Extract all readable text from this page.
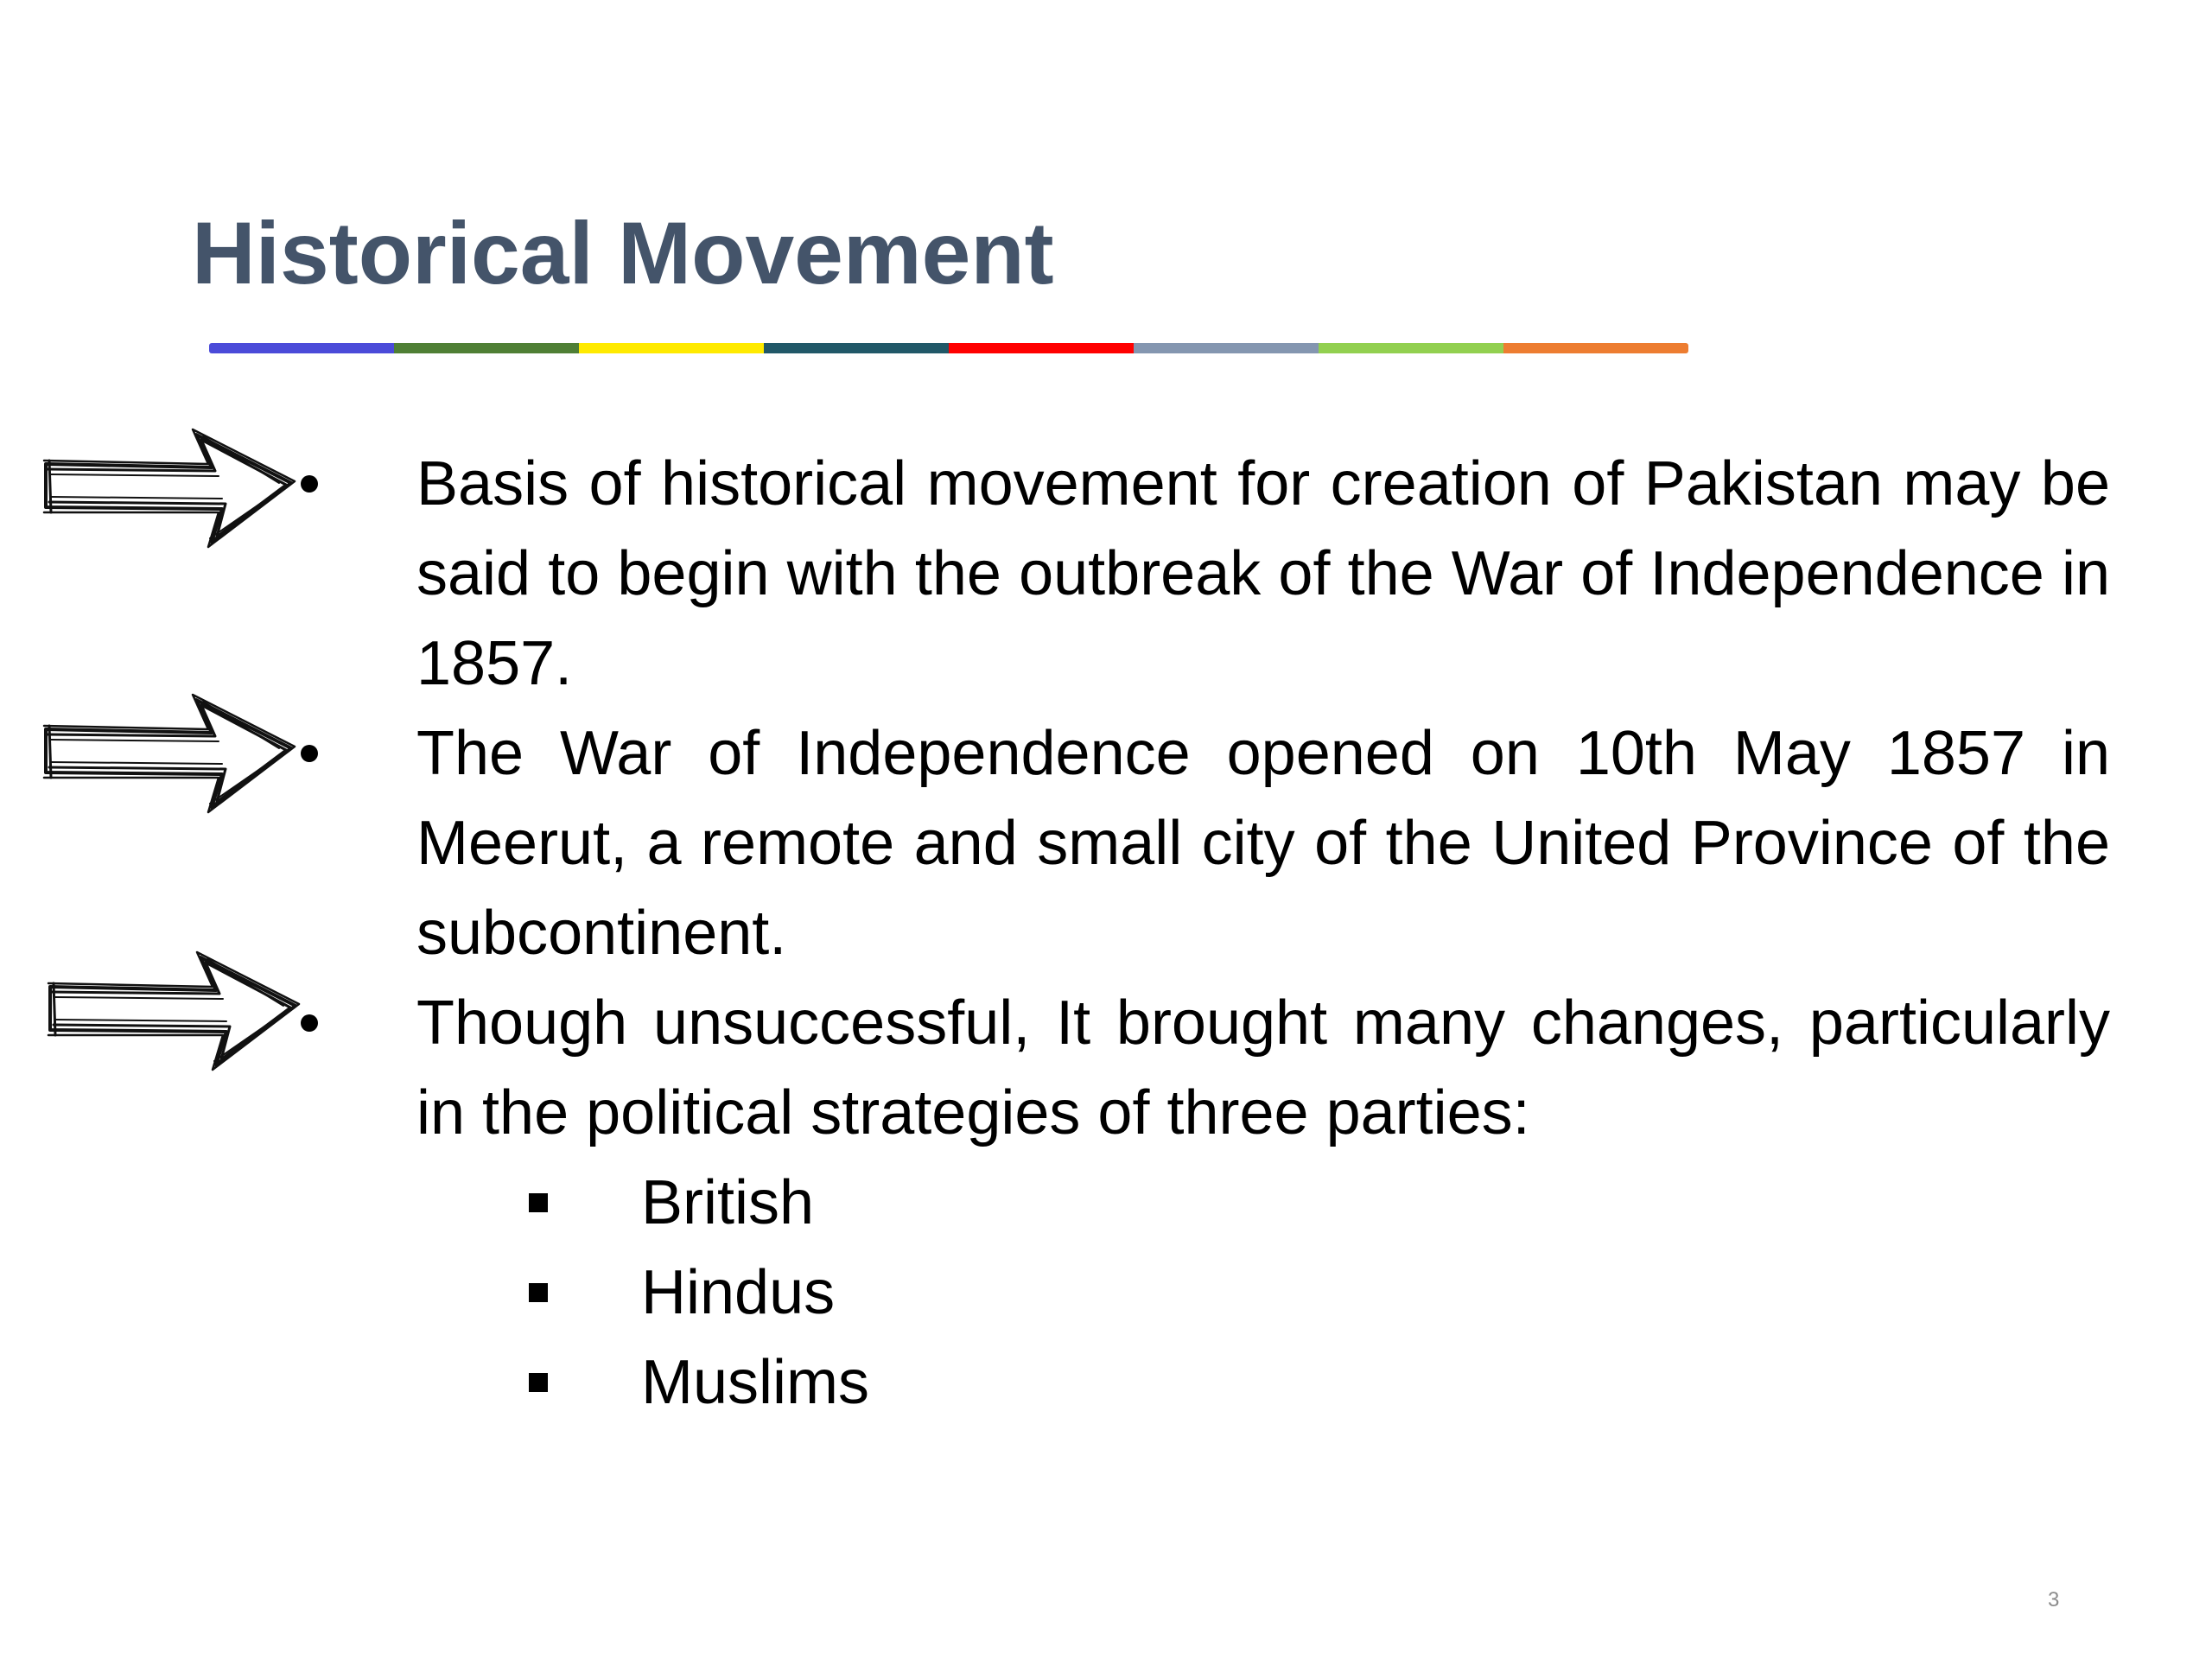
Historical Movement

Basis of historical movement for creation of Pakistan may be said to begin with the outbreak of the War of Independence in 1857.

The War of Independence opened on 10th May 1857 in Meerut, a remote and small city of the United Province of the subcontinent.

Though unsuccessful, It brought many changes, particularly in the political strategies of three parties:

British
Hindus
Muslims
3
